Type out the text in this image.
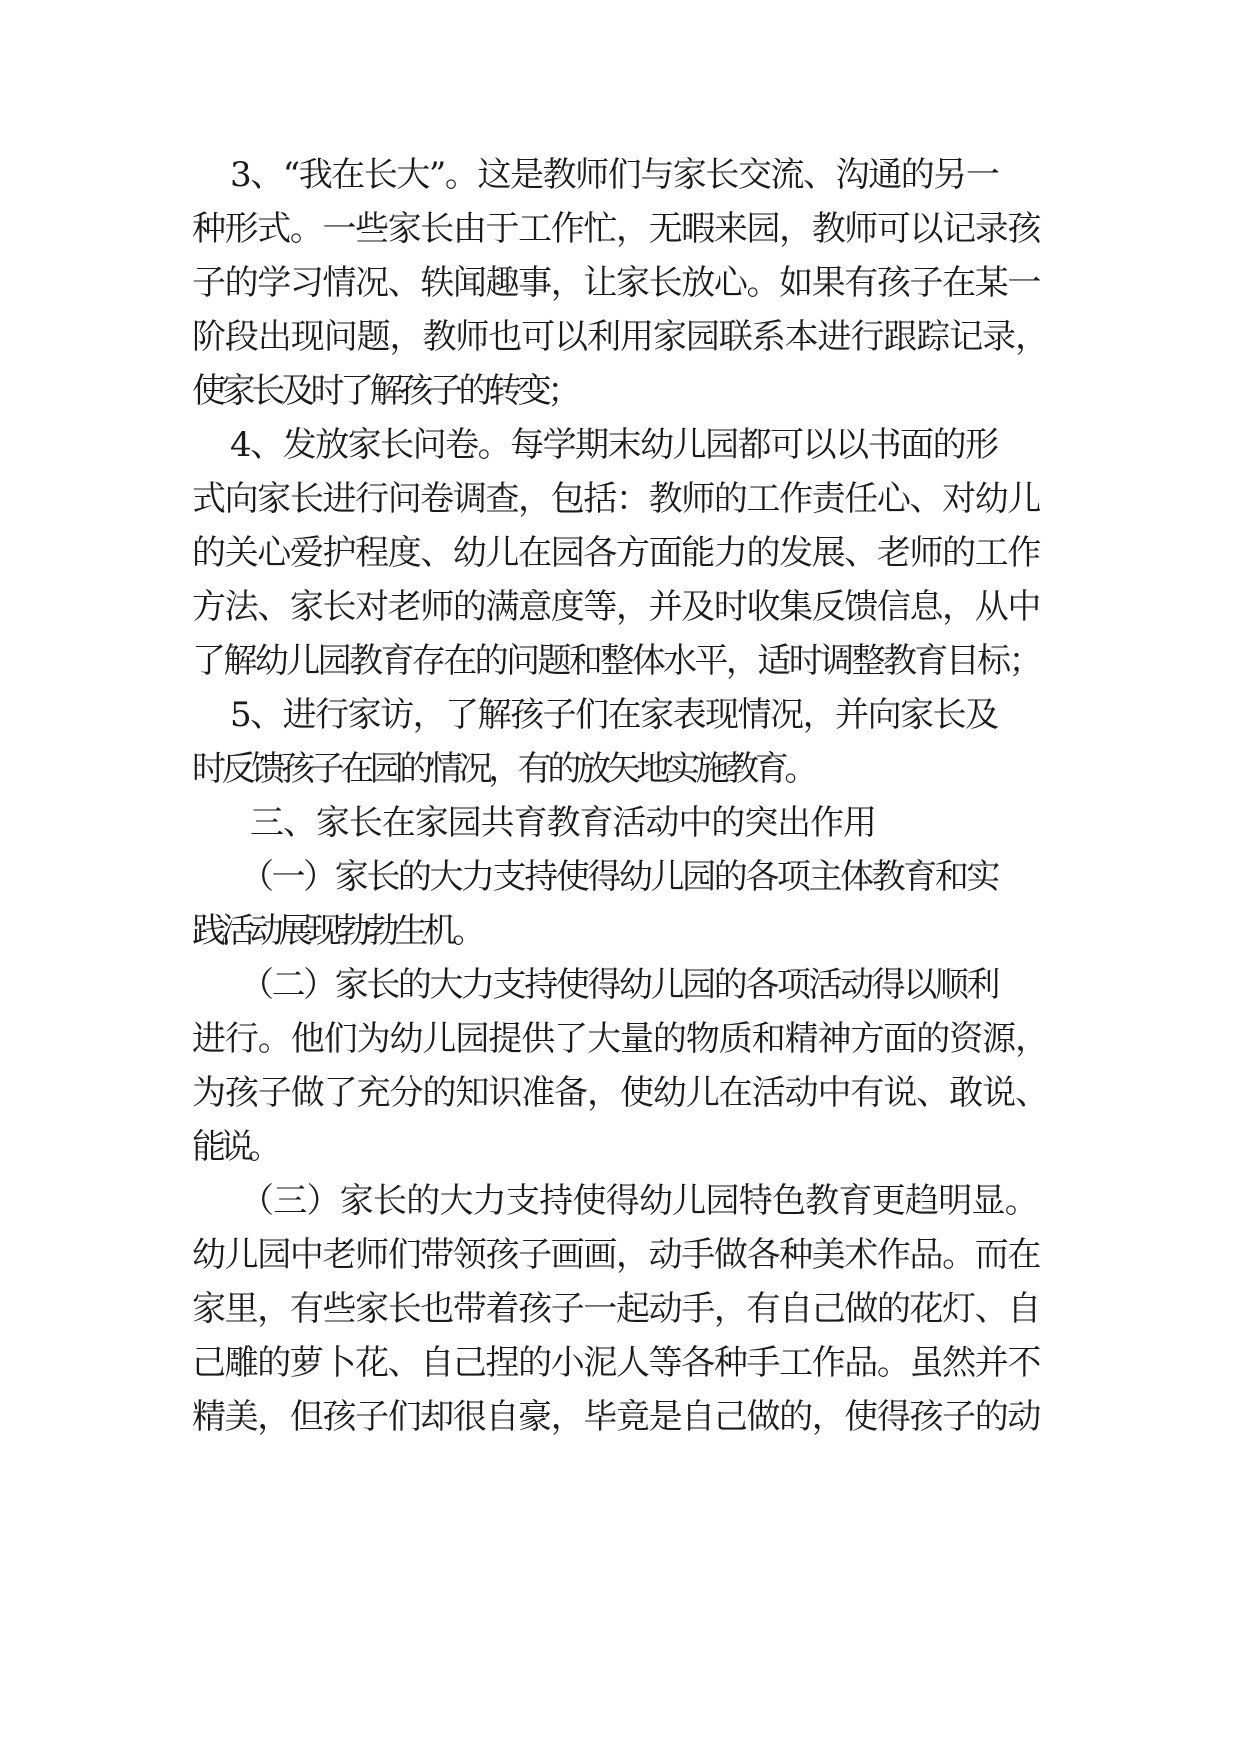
3、“我在长大”。这是教师们与家长交流、沟通的另一
种形式。一些家长由于工作忙，无暇来园，教师可以记录孩
子的学习情况、轶闻趣事，让家长放心。如果有孩子在某一
阶段出现问题，教师也可以利用家园联系本进行跟踪记录，
使家长及时了解孩子的转变；
4、发放家长问卷。每学期末幼儿园都可以以书面的形
式向家长进行问卷调查，包括：教师的工作责任心、对幼儿
的关心爱护程度、幼儿在园各方面能力的发展、老师的工作
方法、家长对老师的满意度等，并及时收集反馈信息，从中
了解幼儿园教育存在的问题和整体水平，适时调整教育目标；
5、进行家访，了解孩子们在家表现情况，并向家长及
时反馈孩子在园的情况，有的放矢地实施教育。
三、家长在家园共育教育活动中的突出作用
（一）家长的大力支持使得幼儿园的各项主体教育和实
践活动展现勃勃生机。
（二）家长的大力支持使得幼儿园的各项活动得以顺利
进行。他们为幼儿园提供了大量的物质和精神方面的资源，
为孩子做了充分的知识准备，使幼儿在活动中有说、敢说、
能说。
（三）家长的大力支持使得幼儿园特色教育更趋明显。
幼儿园中老师们带领孩子画画，动手做各种美术作品。而在
家里，有些家长也带着孩子一起动手，有自己做的花灯、自
己雕的萝卜花、自己捏的小泥人等各种手工作品。虽然并不
精美，但孩子们却很自豪，毕竟是自己做的，使得孩子的动
